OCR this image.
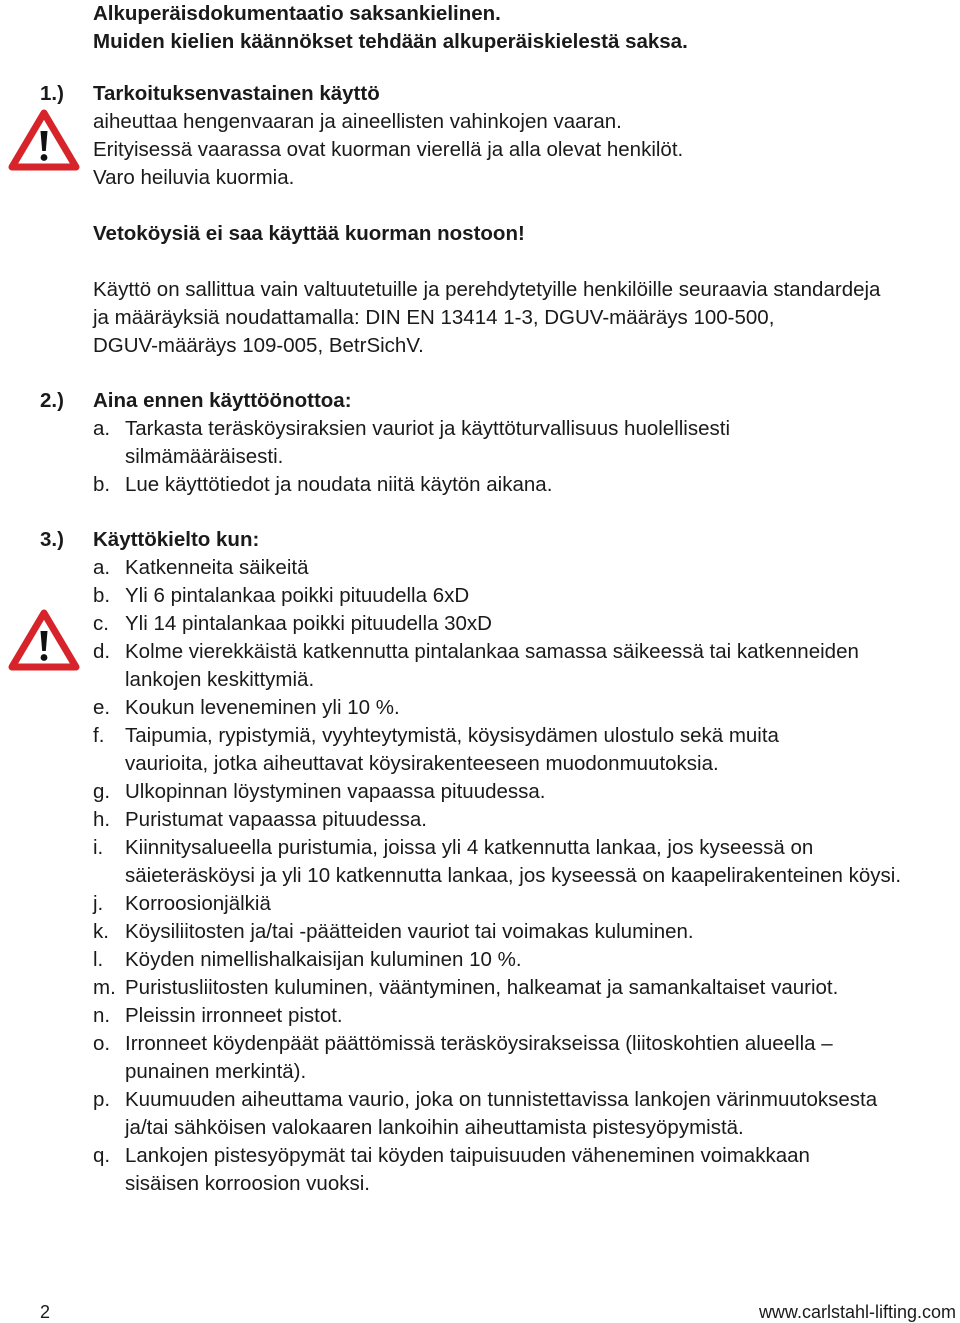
Alkuperäisdokumentaatio saksankielinen.
Muiden kielien käännökset tehdään alkuperäiskielestä saksa.
1.) Tarkoituksenvastainen käyttö
aiheuttaa hengenvaaran ja aineellisten vahinkojen vaaran.
Erityisessä vaarassa ovat kuorman vierellä ja alla olevat henkilöt.
Varo heiluvia kuormia.
Vetoköysiä ei saa käyttää kuorman nostoon!
Käyttö on sallittua vain valtuutetuille ja perehdytetyille henkilöille seuraavia standardeja
ja määräyksiä noudattamalla: DIN EN 13414 1-3, DGUV-määräys 100-500,
DGUV-määräys 109-005, BetrSichV.
2.) Aina ennen käyttöönottoa:
a. Tarkasta teräsköysiraksien vauriot ja käyttöturvallisuus huolellisesti
silmämääräisesti.
b. Lue käyttötiedot ja noudata niitä käytön aikana.
3.) Käyttökielto kun:
a. Katkenneita säikeitä
b. Yli 6 pintalankaa poikki pituudella 6xD
c. Yli 14 pintalankaa poikki pituudella 30xD
d. Kolme vierekkäistä katkennutta pintalankaa samassa säikeessä tai katkenneiden
lankojen keskittymiä.
e. Koukun leveneminen yli 10 %.
f. Taipumia, rypistymiä, vyyhteytymistä, köysisydämen ulostulo sekä muita
vaurioita, jotka aiheuttavat köysirakenteeseen muodonmuutoksia.
g. Ulkopinnan löystyminen vapaassa pituudessa.
h. Puristumat vapaassa pituudessa.
i. Kiinnitysalueella puristumia, joissa yli 4 katkennutta lankaa, jos kyseessä on
säieteräsköysi ja yli 10 katkennutta lankaa, jos kyseessä on kaapelirakenteinen köysi.
j. Korroosionjälkiä
k. Köysiliitosten ja/tai -päätteiden vauriot tai voimakas kuluminen.
l. Köyden nimellishalkaisijan kuluminen 10 %.
m. Puristusliitosten kuluminen, vääntyminen, halkeamat ja samankaltaiset vauriot.
n. Pleissin irronneet pistot.
o. Irronneet köydenpäät päättömissä teräsköysirakseissa (liitoskohtien alueella –
punainen merkintä).
p. Kuumuuden aiheuttama vaurio, joka on tunnistettavissa lankojen värinmuutoksesta
ja/tai sähköisen valokaaren lankoihin aiheuttamista pistesyöpymistä.
q. Lankojen pistesyöpymät tai köyden taipuisuuden väheneminen voimakkaan
sisäisen korroosion vuoksi.
2	www.carlstahl-lifting.com
